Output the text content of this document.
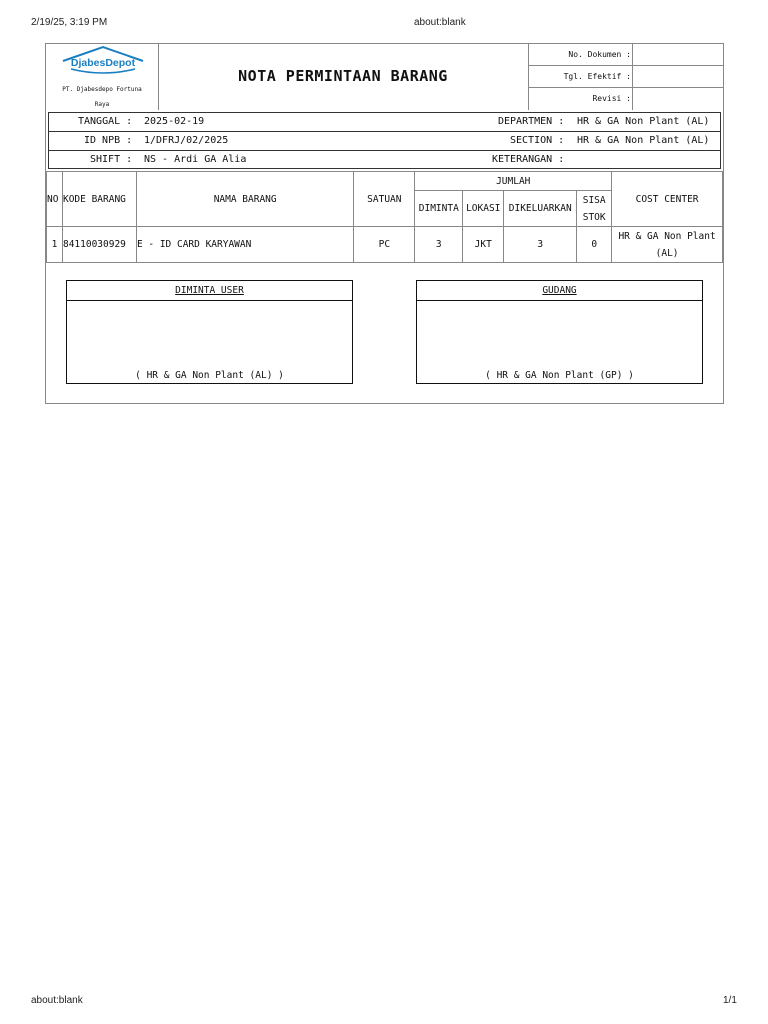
2/19/25, 3:19 PM	about:blank
DjabesDepot
PT. Djabesdepo Fortuna
Raya
NOTA PERMINTAAN BARANG
No. Dokumen :
Tgl. Efektif :
Revisi :
TANGGAL : 2025-02-19	DEPARTMEN : HR & GA Non Plant (AL)
ID NPB : 1/DFRJ/02/2025	SECTION : HR & GA Non Plant (AL)
SHIFT : NS - Ardi GA Alia	KETERANGAN :
NO	KODE BARANG	NAMA BARANG	SATUAN	JUMLAH				COST CENTER
				DIMINTA	LOKASI	DIKELUARKAN	SISA
STOK	

1	84110030929	E - ID CARD KARYAWAN	PC	3	JKT	3	0	HR & GA Non Plant
(AL)
DIMINTA USER
( HR & GA Non Plant (AL) )
GUDANG
( HR & GA Non Plant (GP) )
about:blank	1/1
